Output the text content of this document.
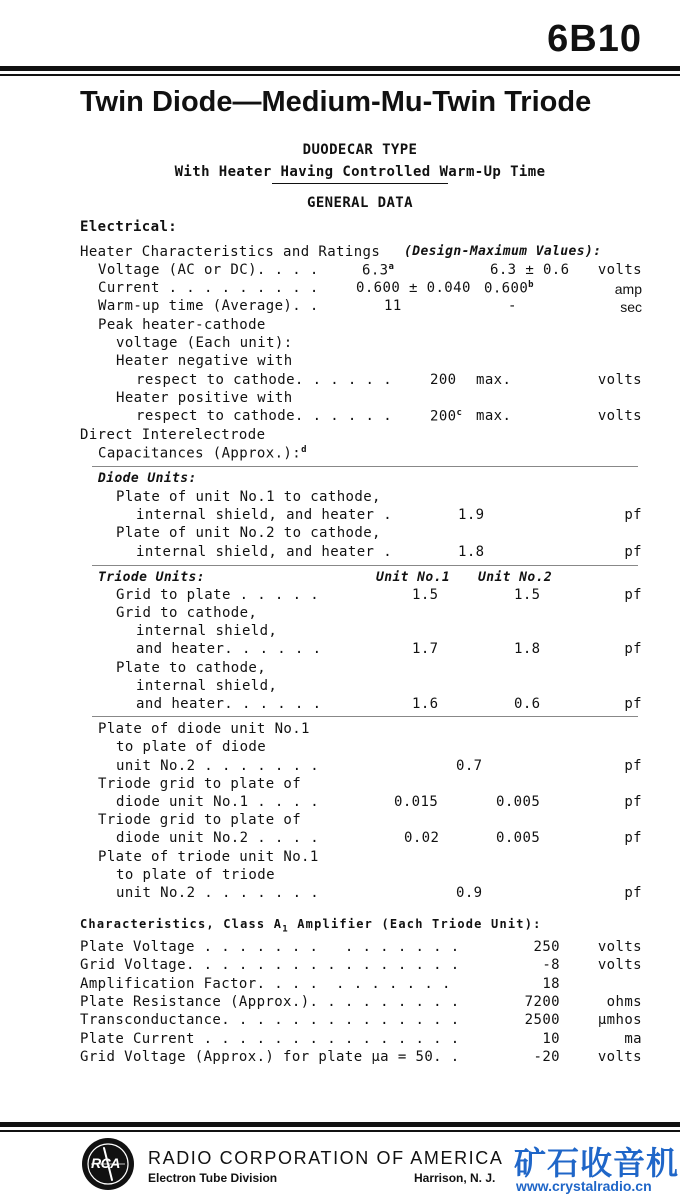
6B10
Twin Diode—Medium-Mu-Twin Triode
DUODECAR TYPE
With Heater Having Controlled Warm-Up Time
GENERAL DATA
Electrical:
Heater Characteristics and Ratings (Design-Maximum Values):
Voltage (AC or DC). . . .	6.3$^a$	6.3 ± 0.6 volts
Current . . . . . . . . .	0.600 ± 0.040 0.600$^b$	amp
Warm-up time (Average). .	11	-	sec
Peak heater-cathode
voltage (Each unit):
Heater negative with
respect to cathode. . . . . .	200 max.	volts
Heater positive with
respect to cathode. . . . . .	200$^c$ max.	volts
Direct Interelectrode
Capacitances (Approx.):$^d$
Diode Units:
Plate of unit No.1 to cathode,
internal shield, and heater .	1.9	pf
Plate of unit No.2 to cathode,
internal shield, and heater .	1.8	pf
Triode Units:	Unit No.1 Unit No.2
Grid to plate . . . . .	1.5	1.5	pf
Grid to cathode,
internal shield,
and heater. . . . . .	1.7	1.8	pf
Plate to cathode,
internal shield,
and heater. . . . . .	1.6	0.6	pf
Plate of diode unit No.1
to plate of diode
unit No.2 . . . . . . .	0.7	pf
Triode grid to plate of
diode unit No.1 . . . .	0.015	0.005	pf
Triode grid to plate of
diode unit No.2 . . . .	0.02	0.005	pf
Plate of triode unit No.1
to plate of triode
unit No.2 . . . . . . .	0.9	pf
Characteristics, Class $A_1$ Amplifier (Each Triode Unit):
Plate Voltage . . . . . . .   . . . . . . .	250	volts
Grid Voltage. . . . . . . . . . . . . . . .	-8	volts
Amplification Factor. . . .  . . . . . . .	18
Plate Resistance (Approx.). . . . . . . . .	7200	ohms
Transconductance. . . . . . . . . . . . . .	2500	μmhos
Plate Current . . . . . . . . . . . . . . .	10	ma
Grid Voltage (Approx.) for plate μa = 50. .	-20	volts
RCA RADIO CORPORATION OF AMERICA
Electron Tube Division	Harrison, N. J. 矿石收音机
www.crystalradio.cn
